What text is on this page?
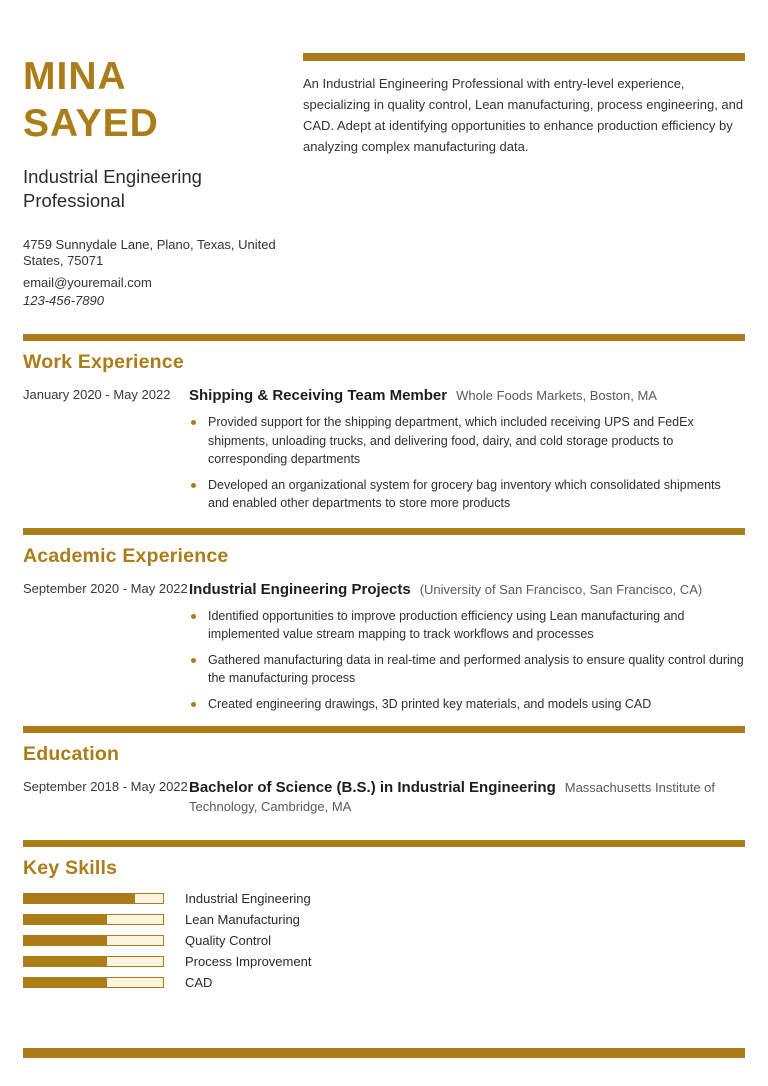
MINA
SAYED
Industrial Engineering Professional
4759 Sunnydale Lane, Plano, Texas, United States, 75071
email@youremail.com
123-456-7890

An Industrial Engineering Professional with entry-level experience, specializing in quality control, Lean manufacturing, process engineering, and CAD. Adept at identifying opportunities to enhance production efficiency by analyzing complex manufacturing data.

Work Experience
January 2020 - May 2022	Shipping & Receiving Team Member Whole Foods Markets, Boston, MA
Provided support for the shipping department, which included receiving UPS and FedEx shipments, unloading trucks, and delivering food, dairy, and cold storage products to corresponding departments
Developed an organizational system for grocery bag inventory which consolidated shipments and enabled other departments to store more products
Academic Experience
September 2020 - May 2022 Industrial Engineering Projects (University of San Francisco, San Francisco, CA)
Identified opportunities to improve production efficiency using Lean manufacturing and implemented value stream mapping to track workflows and processes
Gathered manufacturing data in real-time and performed analysis to ensure quality control during the manufacturing process
Created engineering drawings, 3D printed key materials, and models using CAD
Education
September 2018 - May 2022 Bachelor of Science (B.S.) in Industrial Engineering Massachusetts Institute of Technology, Cambridge, MA
Key Skills
Industrial Engineering
Lean Manufacturing
Quality Control
Process Improvement
CAD
